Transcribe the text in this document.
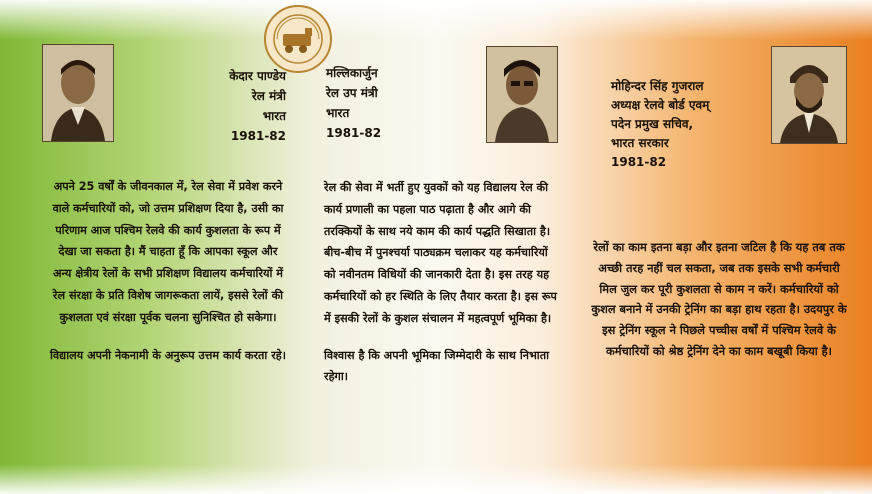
केदार पाण्डेय
रेल मंत्री
भारत
1981-82
मल्लिकार्जुन
रेल उप मंत्री
भारत
1981-82
मोहिन्दर सिंह गुजराल
अध्यक्ष रेलवे बोर्ड एवम्
पदेन प्रमुख सचिव,
भारत सरकार
1981-82

अपने 25 वर्षों के जीवनकाल में, रेल सेवा में प्रवेश करने वाले कर्मचारियों को, जो उत्तम प्रशिक्षण दिया है, उसी का परिणाम आज पश्चिम रेलवे की कार्य कुशलता के रूप में देखा जा सकता है। मैं चाहता हूँ कि आपका स्कूल और अन्य क्षेत्रीय रेलों के सभी प्रशिक्षण विद्यालय कर्मचारियों में रेल संरक्षा के प्रति विशेष जागरूकता लायें, इससे रेलों की कुशलता एवं संरक्षा पूर्वक चलना सुनिश्चित हो सकेगा।

विद्यालय अपनी नेकनामी के अनुरूप उत्तम कार्य करता रहे।

रेल की सेवा में भर्ती हुए युवकों को यह विद्यालय रेल की कार्य प्रणाली का पहला पाठ पढ़ाता है और आगे की तरक्कियों के साथ नये काम की कार्य पद्धति सिखाता है। बीच-बीच में पुनश्चर्या पाठ्यक्रम चलाकर यह कर्मचारियों को नवीनतम विधियों की जानकारी देता है। इस तरह यह कर्मचारियों को हर स्थिति के लिए तैयार करता है। इस रूप में इसकी रेलों के कुशल संचालन में महत्वपूर्ण भूमिका है।

विश्वास है कि अपनी भूमिका जिम्मेदारी के साथ निभाता रहेगा।

रेलों का काम इतना बड़ा और इतना जटिल है कि यह तब तक अच्छी तरह नहीं चल सकता, जब तक इसके सभी कर्मचारी मिल जुल कर पूरी कुशलता से काम न करें। कर्मचारियों को कुशल बनाने में उनकी ट्रेनिंग का बड़ा हाथ रहता है। उदयपुर के इस ट्रेनिंग स्कूल ने पिछले पच्चीस वर्षों में पश्चिम रेलवे के कर्मचारियों को श्रेष्ठ ट्रेनिंग देने का काम बखूबी किया है।
